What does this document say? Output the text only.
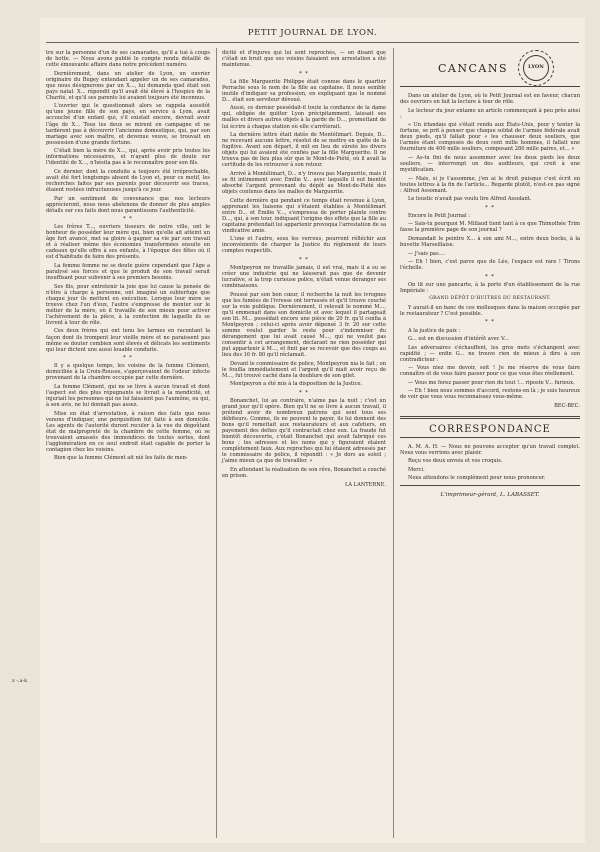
PETIT JOURNAL DE LYON.

tre sur la personne d'un de ses camarades, qu'il a tué à coups de hotte. — Nous avons publié le compte rendu détaillé de cette émouvante affaire dans notre précédent numéro.

Dernièrement, dans un atelier de Lyon, un ouvrier originaire du Bugey entendant appeler un de ses camarades, que nous désignerons par un X..., lui demanda quel était son pays natal. X... répondit qu'il avait été élevé à l'hospice de la Charité, et qu'il ses parents lui avaient toujours été inconnus.

L'ouvrier qui le questionnait alors se rappela aussitôt qu'une jeune fille de son pays, en service à Lyon, avait accouché d'un enfant qui, s'il existait encore, devrait avoir l'âge de X... Tous les deux se mirent en campagne et ne tardèrent pas à découvrir l'ancienne domestique, qui, par son mariage avec son maître, et devenue veuve, se trouvait en possession d'une grande fortune.

C'était bien la mère de X..., qui, après avoir pris toutes les informations nécessaires, et n'ayant plus de doute sur l'identité de X..., n'hésita pas à le reconnaître pour son fils.

Ce dernier, dont la conduite a toujours été irréprochable, avait été fort longtemps absent de Lyon et, pour ce motif, les recherches faites par ses parents pour découvrir ses traces, étaient restées infructueuses jusqu'à ce jour.

Par un sentiment de convenance que nos lecteurs apprécieront, nous nous abstenons de donner de plus amples détails sur ces faits dont nous garantissons l'authenticité.

* *

Les frères T..., ouvriers tisseurs de notre ville, ont le bonheur de posséder leur mère qui, bien qu'elle ait atteint un âge fort avancé, met sa gloire à gagner sa vie par son travail et à réaliser même des économies transformées ensuite en cadeaux qu'elle offre à ses enfants, à l'époque des fêtes où il est d'habitude de faire des présents.

La femme femme ne se doute guère cependant que l'âge a paralysé ses forces et que le produit de son travail serait insuffisant pour subvenir à ses premiers besoins.

Ses fils, pour entretenir la joie que lui cause la pensée de n'être à charge à personne, ont imaginé un subterfuge que chaque jour ils mettent en exécution. Lorsque leur mère se trouve chez l'un d'eux, l'autre s'empresse de monter sur le métier de la mère, où il travaille de son mieux pour activer l'achèvement de la pièce, à la confection de laquelle ils se livrent à tour de rôle.

Ces deux frères qui ont tenu les larmes en racontant la façon dont ils trompent leur vieille mère et ne paraissent pas même se douter combien sont élevés et délicats les sentiments qui leur dictent une aussi louable conduite.

* *

Il y a quelque temps, les voisins de la femme Clément, domiciliée à la Croix-Rousse, s'aperçevaient de l'odeur infecte provenant de la chambre occupée par cette dernière.

La femme Clément, qui ne se livre à aucun travail et dont l'aspect est des plus répugnants se livrait à la mendicité, et injuriait les personnes qui ne lui faisaient pas l'aumône, ou qui, à son avis, ne lui donnait pas assez.

Mise en état d'arrestation, à raison des faits que nous venons d'indiquer, une perquisition fut faite à son domicile. Les agents de l'autorité durent reculer à la vue du dégoûtant état de malpropreté de la chambre de cette femme, où se trouvaient amassés des immondices de toutes sortes, dont l'agglomération en ce seul endroit était capable de porter la contagion chez les voisins.

Bien que la femme Clément ait nié les faits de men-

dicité et d'injures qui lui sont reprochés, — en disant que c'était un bruit que ses voisins faisaient son arrestation a été maintenue.

* *

La fille Marguerite Philippe était connue dans le quartier Perrache sous le nom de la fille au capitaine. Il nous semble inutile d'indiquer sa profession, en expliquant que le nommé D... était son serviteur dévoué.

Aussi, ce dernier possédait-il toute la confiance de la dame qui, obligée de quitter Lyon précipitamment, laissait ses malles et divers autres objets à la garde de D..., promettant de lui écrire à chaque station où elle s'arrêterait.

La dernière lettre était datée de Montélimart. Depuis, D... ne recevant aucune lettre, résolut de se mettre en quête de la fugitive. Avant son départ, il mit en lieu de sûreté les divers objets qui lui avaient été confiés par la fille Marguerite. Il ne trouva pas de lieu plus sûr que le Mont-de-Piété, où il avait la certitude de les retrouver à son retour.

Arrivé à Montélimart, D... n'y trouva pas Marguerite, mais il se fit intimement avec Émilie V... avec laquelle il eut bientôt absorbé l'argent provenant du dépôt au Mont-de-Piété des objets contenus dans les malles de Marguerite.

Cette dernière qui pendant ce temps était revenue à Lyon, apprenant les liaisons qui s'étaient établies à Montélimart entre D... et Émilie V..., s'empressa de porter plainte contre D..., qui, à son tour, indiquant l'origine des effets que la fille au capitaine prétendait lui appartenir provoqua l'arrestation de sa vindicative amie.

L'une et l'autre, sous les verrous, pourront réfléchir aux inconvénients de charger la Justice du règlement de leurs comptes respectifs.

* *

Montpeyron ne travaille jamais, il est vrai, mais il a su se créer une industrie qui ne laisserait pas que de devenir lucrative, si la trop curieuse police, n'était venue déranger ses combinaisons.

Poussé par son bon cœur, il recherche la nuit les ivrognes que les fumées de l'ivresse ont terrassés et qu'il trouve couché sur la voie publique. Dernièrement, il relevait le nommé M..., qu'il emmenait dans son domicile et avec lequel il partageait son lit. M... possédait encore une pièce de 20 fr. qu'il confia à Montpeyron ; celui-ci après avoir dépensé 3 fr. 20 sur cette somme voulut garder le reste pour s'indemniser du dérangement que lui avait causé M..., qui ne voulut pas consentir à cet arrangement, déclarant ne rien posséder qui put appartenir à M..., et finit par se recevoir que des coups au lieu des 16 fr. 80 qu'il réclamait.

Devant le commissaire de police, Montpeyron nia le fait ; on le fouilla immédiatement et l'argent qu'il niait avoir reçu de M..., fut trouvé caché dans la doublure de son gilet.

Montpeyron a été mis à la disposition de la Justice.

* *

Bonanchet, lui au contraire, n'aime pas la nuit ; c'est un grand jour qu'il opère. Bien qu'il ne se livre à aucun travail, il prétend avoir de nombreux patrons qui sont tous ses débiteurs. Comme, ils ne peuvent le payer, ils lui donnent des bons qu'il remettait aux restaurateurs et aux cafetiers, en payement des dettes qu'il contractait chez eux. La fraude fut bientôt découverte, c'était Bonanchet qui avait fabriqué ces bons ; les adresses et les noms qui y figuraient étaient complètement faux. Aux reproches qui lui étaient adressés par le commissaire de police, il répondit : « Je dors au soleil ; j'aime mieux ça que de travailler. »

En attendant la réalisation de son rêve, Bonanchet a couché en prison.

LA LANTERNE.

CANCANS	LYON

Dans un atelier de Lyon, où le Petit Journal est en faveur, chacun des ouvriers en fait la lecture à tour de rôle.

Le lecteur du jour entame un article commençant à peu près ainsi :

« Un irlandais qui s'était rendu aux États-Unis, pour y tenter la fortune, se prit à penser que chaque soldat de l'armée fédérale avait deux pieds, qu'il fallait pour « les chausser deux souliers, que l'armée étant composée de deux cent mille hommes, il fallait une fourniture de 400 mille souliers, composant 280 mille paires, et... »

— As-tu fini de nous assommer avec les deux pieds les deux souliers, — interrompt un des auditeurs, qui croit à une mystification.

— Mais, si je t'assomme, j'en ai le droit puisque c'est écrit en toutes lettres à la fin de l'article... Regarde plutôt, n'est-ce pas signé : Alfred Assomant.

Le loustic n'avait pas voulu lire Alfred Assolant.

* *

Encore le Petit Journal :

— Sais-tu pourquoi M. Millaud tient tant à ce que Thimothée Trim fasse la première page de son journal ?

Demandait le peintre X... à son ami M..., entre deux bocks, à la buvette Marseillaise.

— J'sais pas....

— Eh ! bien, c'est parce que de Léo, l'espace est rare ! Tirons l'échelle.

* *

On lit sur une pancarte, à la porte d'un établissement de la rue Impériale :

GRAND DÉPÔT D'HUITRES DU RESTAURANT.

Y aurait-il un banc de ces mollusques dans la maison occupée par le restaurateur ? C'est possible.

* *

A la justice de paix :

G... est en discussion d'intérêt avec V...

Les adversaires s'échauffent, les gros mots s'échangent avec rapidité ; — enfin G... ne trouve rien de mieux à dire à son contradicteur :

— Vous niez me devoir, soit ! Je me réserve de vous faire connaître et de vous faire passer pour ce que vous êtes réellement.

— Vous me ferez passer pour rien du tout !... riposte V... furieux.

— Eh ! bien nous sommes d'accord, restons-en là ; je suis heureux de voir que vous vous reconnaissez vous-même.

BEC-BEC.

CORRESPONDANCE

A. M. A. H. — Nous ne pouvons accepter qu'un travail complet. Nous vous verrions avec plaisir.

Reçu vos deux envois et vos croquis.

Merci.

Nous attendons le complément pour nous prononcer.

L'imprimeur-gérant, L. LABASSET.

z -.a-k
